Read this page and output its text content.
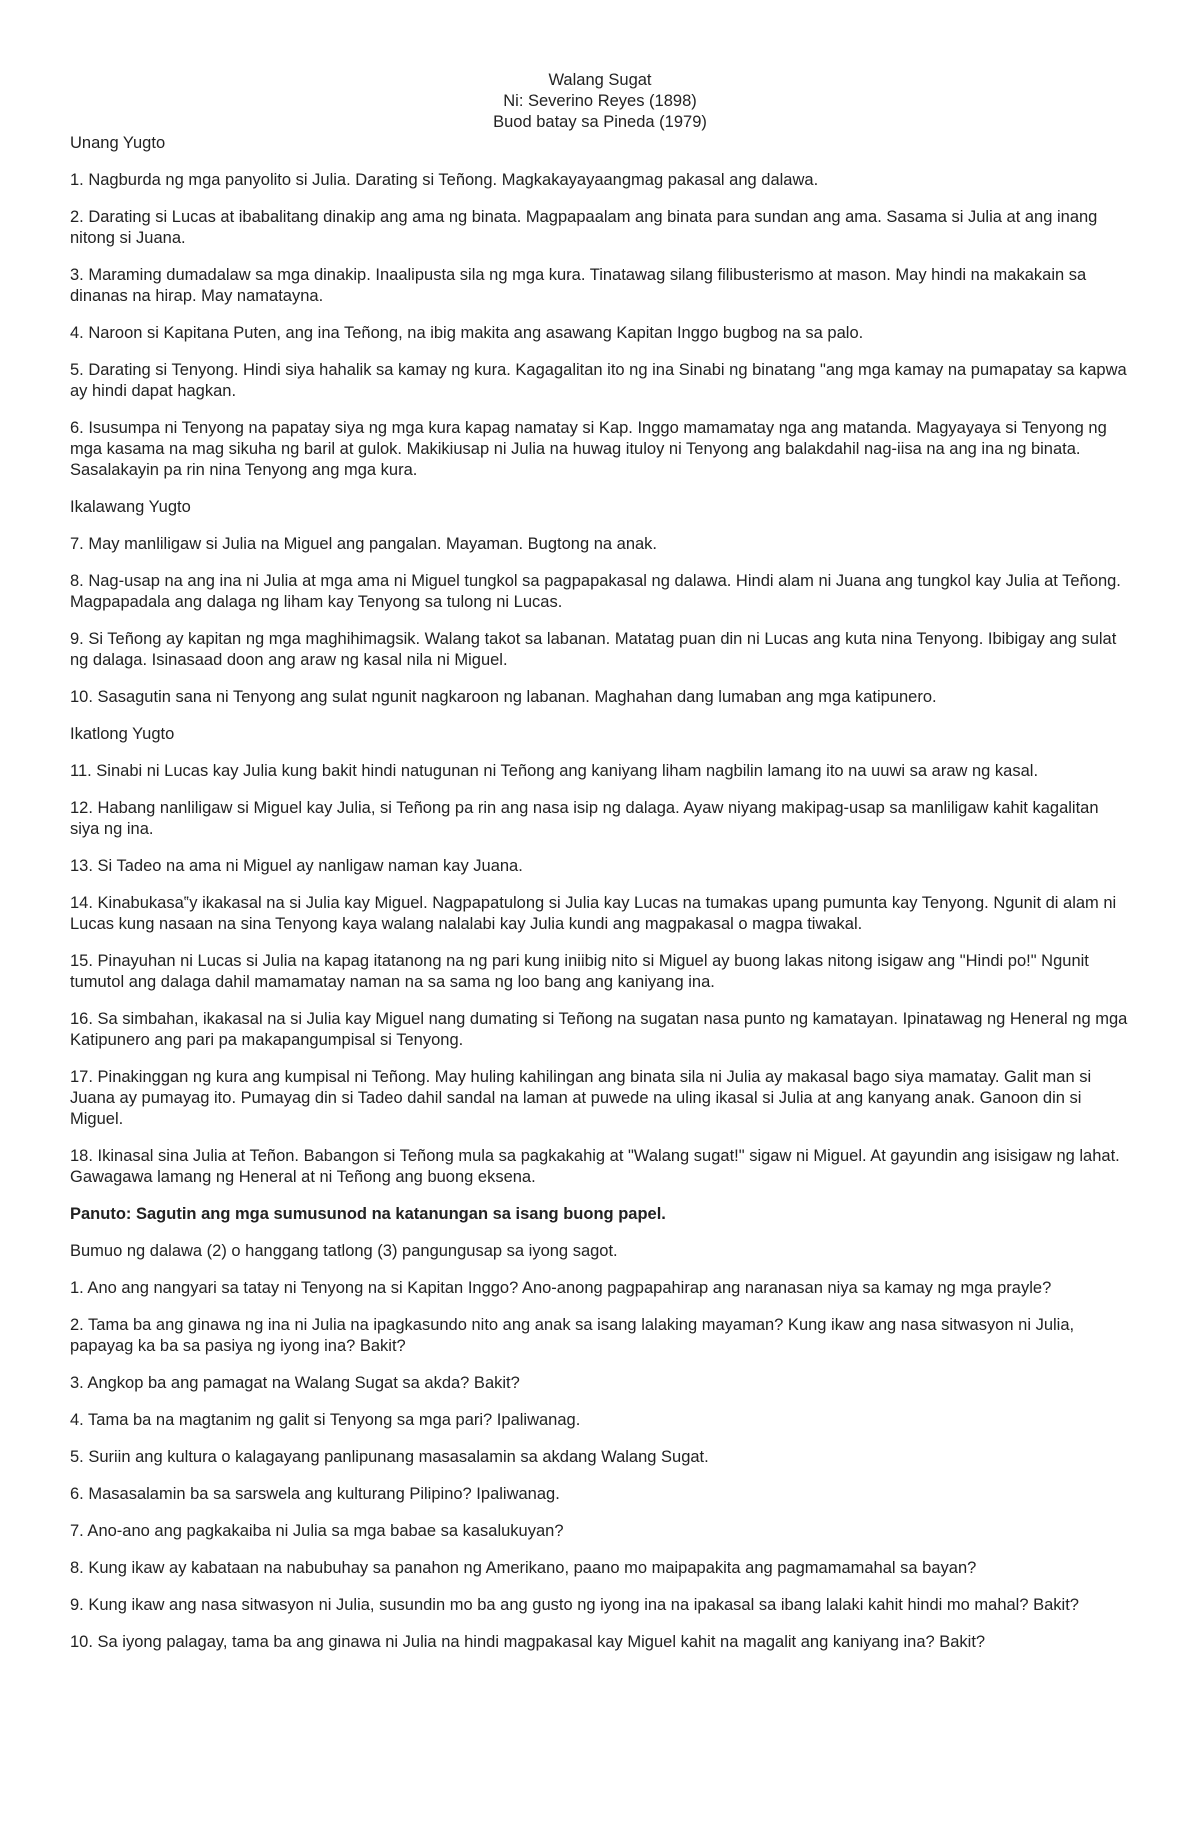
Walang Sugat
Ni: Severino Reyes (1898)
Buod batay sa Pineda (1979)
Unang Yugto

1. Nagburda ng mga panyolito si Julia. Darating si Teñong. Magkakayayaangmag pakasal ang dalawa.

2. Darating si Lucas at ibabalitang dinakip ang ama ng binata. Magpapaalam ang binata para sundan ang ama. Sasama si Julia at ang inang nitong si Juana.

3. Maraming dumadalaw sa mga dinakip. Inaalipusta sila ng mga kura. Tinatawag silang filibusterismo at mason. May hindi na makakain sa dinanas na hirap. May namatayna.

4. Naroon si Kapitana Puten, ang ina Teñong, na ibig makita ang asawang Kapitan Inggo bugbog na sa palo.

5. Darating si Tenyong. Hindi siya hahalik sa kamay ng kura. Kagagalitan ito ng ina Sinabi ng binatang "ang mga kamay na pumapatay sa kapwa ay hindi dapat hagkan.

6. Isusumpa ni Tenyong na papatay siya ng mga kura kapag namatay si Kap. Inggo mamamatay nga ang matanda. Magyayaya si Tenyong ng mga kasama na mag sikuha ng baril at gulok. Makikiusap ni Julia na huwag ituloy ni Tenyong ang balakdahil nag-iisa na ang ina ng binata. Sasalakayin pa rin nina Tenyong ang mga kura.

Ikalawang Yugto

7. May manliligaw si Julia na Miguel ang pangalan. Mayaman. Bugtong na anak.

8. Nag-usap na ang ina ni Julia at mga ama ni Miguel tungkol sa pagpapakasal ng dalawa. Hindi alam ni Juana ang tungkol kay Julia at Teñong. Magpapadala ang dalaga ng liham kay Tenyong sa tulong ni Lucas.

9. Si Teñong ay kapitan ng mga maghihimagsik. Walang takot sa labanan. Matatag puan din ni Lucas ang kuta nina Tenyong. Ibibigay ang sulat ng dalaga. Isinasaad doon ang araw ng kasal nila ni Miguel.

10. Sasagutin sana ni Tenyong ang sulat ngunit nagkaroon ng labanan. Maghahan dang lumaban ang mga katipunero.

Ikatlong Yugto

11. Sinabi ni Lucas kay Julia kung bakit hindi natugunan ni Teñong ang kaniyang liham nagbilin lamang ito na uuwi sa araw ng kasal.

12. Habang nanliligaw si Miguel kay Julia, si Teñong pa rin ang nasa isip ng dalaga. Ayaw niyang makipag-usap sa manliligaw kahit kagalitan siya ng ina.

13. Si Tadeo na ama ni Miguel ay nanligaw naman kay Juana.

14. Kinabukasa‟y ikakasal na si Julia kay Miguel. Nagpapatulong si Julia kay Lucas na tumakas upang pumunta kay Tenyong. Ngunit di alam ni Lucas kung nasaan na sina Tenyong kaya walang nalalabi kay Julia kundi ang magpakasal o magpa tiwakal.

15. Pinayuhan ni Lucas si Julia na kapag itatanong na ng pari kung iniibig nito si Miguel ay buong lakas nitong isigaw ang "Hindi po!" Ngunit tumutol ang dalaga dahil mamamatay naman na sa sama ng loo bang ang kaniyang ina.

16. Sa simbahan, ikakasal na si Julia kay Miguel nang dumating si Teñong na sugatan nasa punto ng kamatayan. Ipinatawag ng Heneral ng mga Katipunero ang pari pa makapangumpisal si Tenyong.

17. Pinakinggan ng kura ang kumpisal ni Teñong. May huling kahilingan ang binata sila ni Julia ay makasal bago siya mamatay. Galit man si Juana ay pumayag ito. Pumayag din si Tadeo dahil sandal na laman at puwede na uling ikasal si Julia at ang kanyang anak. Ganoon din si Miguel.

18. Ikinasal sina Julia at Teñon. Babangon si Teñong mula sa pagkakahig at "Walang sugat!" sigaw ni Miguel. At gayundin ang isisigaw ng lahat. Gawagawa lamang ng Heneral at ni Teñong ang buong eksena.

Panuto: Sagutin ang mga sumusunod na katanungan sa isang buong papel.

Bumuo ng dalawa (2) o hanggang tatlong (3) pangungusap sa iyong sagot.

1. Ano ang nangyari sa tatay ni Tenyong na si Kapitan Inggo? Ano-anong pagpapahirap ang naranasan niya sa kamay ng mga prayle?

2. Tama ba ang ginawa ng ina ni Julia na ipagkasundo nito ang anak sa isang lalaking mayaman? Kung ikaw ang nasa sitwasyon ni Julia, papayag ka ba sa pasiya ng iyong ina? Bakit?

3. Angkop ba ang pamagat na Walang Sugat sa akda? Bakit?

4. Tama ba na magtanim ng galit si Tenyong sa mga pari? Ipaliwanag.

5. Suriin ang kultura o kalagayang panlipunang masasalamin sa akdang Walang Sugat.

6. Masasalamin ba sa sarswela ang kulturang Pilipino? Ipaliwanag.

7. Ano-ano ang pagkakaiba ni Julia sa mga babae sa kasalukuyan?

8. Kung ikaw ay kabataan na nabubuhay sa panahon ng Amerikano, paano mo maipapakita ang pagmamamahal sa bayan?

9. Kung ikaw ang nasa sitwasyon ni Julia, susundin mo ba ang gusto ng iyong ina na ipakasal sa ibang lalaki kahit hindi mo mahal? Bakit?

10. Sa iyong palagay, tama ba ang ginawa ni Julia na hindi magpakasal kay Miguel kahit na magalit ang kaniyang ina? Bakit?
